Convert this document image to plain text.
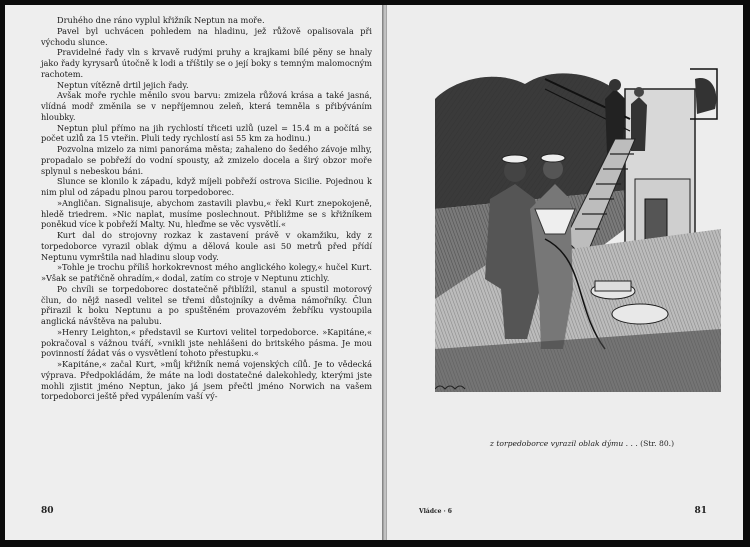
Druhého dne ráno vyplul křižník Neptun na moře.

Pavel byl uchvácen pohledem na hladinu, jež růžově opalisovala při východu slunce.

Pravidelné řady vln s krvavě rudými pruhy a krajkami bílé pěny se hnaly jako řady kyrysarů útočně k lodi a tříštily se o její boky s temným malomocným rachotem.

Neptun vítězně drtil jejich řady.

Avšak moře rychle měnilo svou barvu: zmizela růžová krása a také jasná, vlídná modř změnila se v nepříjemnou zeleň, která temněla s přibýváním hloubky.

Neptun plul přímo na jih rychlostí třiceti uzlů (uzel = 15.4 m a počítá se počet uzlů za 15 vteřin. Pluli tedy rychlostí asi 55 km za hodinu.)

Pozvolna mizelo za nimi panoráma města; zahaleno do šedého závoje mlhy, propadalo se pobřeží do vodní spousty, až zmizelo docela a širý obzor moře splynul s nebeskou báni.

Slunce se klonilo k západu, když míjeli pobřeží ostrova Sicilie. Pojednou k nim plul od západu plnou parou torpedoborec.

»Angličan. Signalisuje, abychom zastavili plavbu,« řekl Kurt znepokojeně, hledě triedrem. »Nic naplat, musíme poslechnout. Přibližme se s křižníkem poněkud více k pobřeží Malty. Nu, hleďme se věc vysvětlí.«

Kurt dal do strojovny rozkaz k zastavení právě v okamžiku, kdy z torpedoborce vyrazil oblak dýmu a dělová koule asi 50 metrů před přídí Neptunu vymrštila nad hladinu sloup vody.

»Tohle je trochu příliš horkokrevnost mého anglického kolegy,« hučel Kurt. »Však se patřičně ohradím,« dodal, zatím co stroje v Neptunu ztichly.

Po chvíli se torpedoborec dostatečně přiblížil, stanul a spustil motorový člun, do nějž nasedl velitel se třemi důstojníky a dvěma námořníky. Člun přirazil k boku Neptunu a po spuštěném provazovém žebříku vystoupila anglická návštěva na palubu.

»Henry Leighton,« představil se Kurtovi velitel torpedoborce. »Kapitáne,« pokračoval s vážnou tváří, »vnikli jste nehlášeni do britského pásma. Je mou povinností žádat vás o vysvětlení tohoto přestupku.«

»Kapitáne,« začal Kurt, »můj křižník nemá vojenských cílů. Je to vědecká výprava. Předpokládám, že máte na lodi dostatečné dalekohledy, kterými jste mohli zjistit jméno Neptun, jako já jsem přečtl jméno Norwich na vašem torpedoborci ještě před vypálením vaší vý-

80
z torpedoborce vyrazil oblak dýmu . . . (Str. 80.)
Vládce · 6	81
